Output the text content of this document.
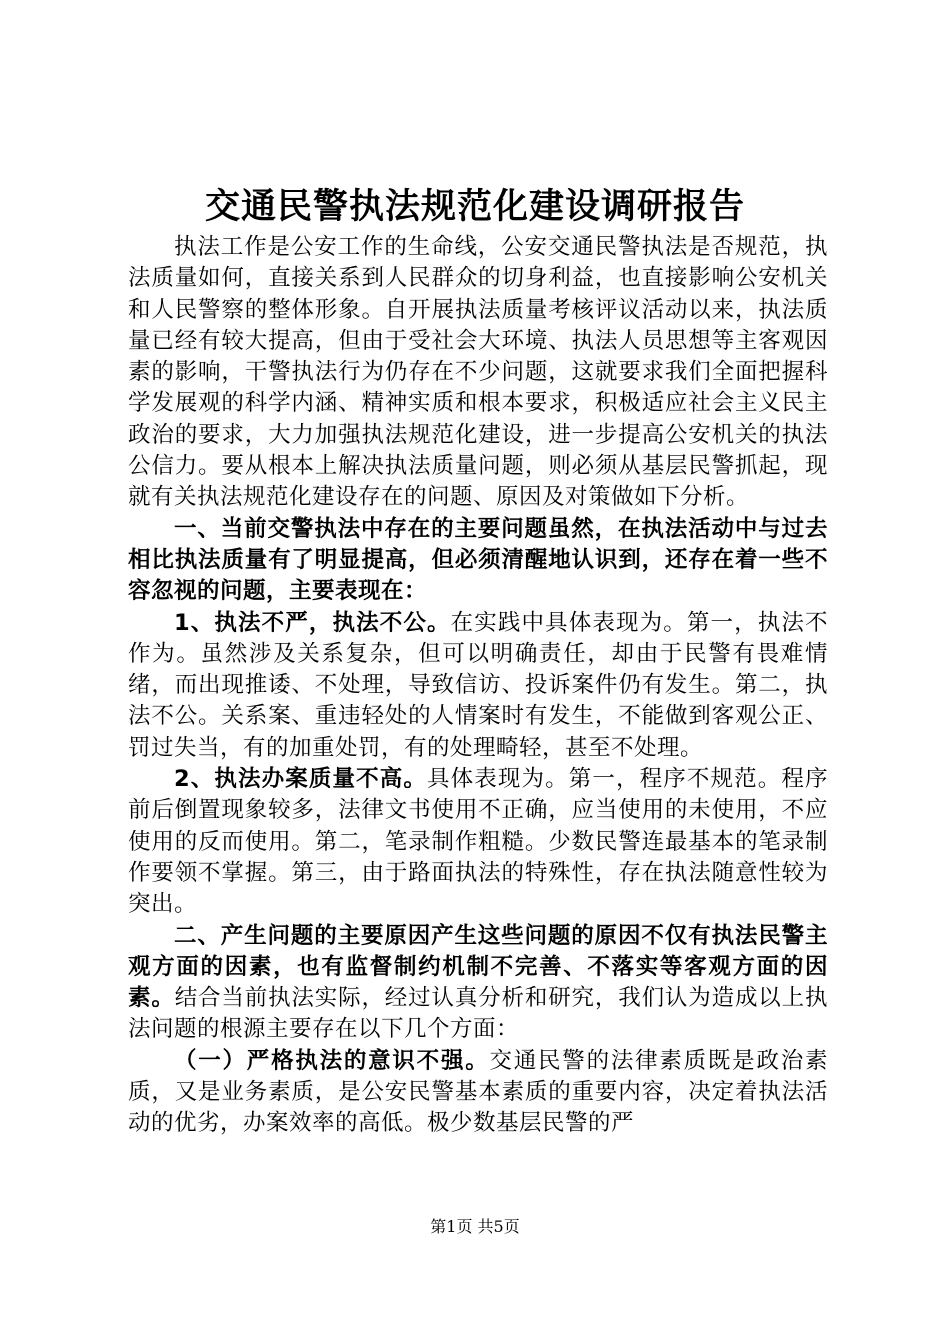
交通民警执法规范化建设调研报告

执法工作是公安工作的生命线，公安交通民警执法是否规范，执法质量如何，直接关系到人民群众的切身利益，也直接影响公安机关和人民警察的整体形象。自开展执法质量考核评议活动以来，执法质量已经有较大提高，但由于受社会大环境、执法人员思想等主客观因素的影响，干警执法行为仍存在不少问题，这就要求我们全面把握科学发展观的科学内涵、精神实质和根本要求，积极适应社会主义民主政治的要求，大力加强执法规范化建设，进一步提高公安机关的执法公信力。要从根本上解决执法质量问题，则必须从基层民警抓起，现就有关执法规范化建设存在的问题、原因及对策做如下分析。

一、当前交警执法中存在的主要问题虽然，在执法活动中与过去相比执法质量有了明显提高，但必须清醒地认识到，还存在着一些不容忽视的问题，主要表现在：

1、执法不严，执法不公。在实践中具体表现为。第一，执法不作为。虽然涉及关系复杂，但可以明确责任，却由于民警有畏难情绪，而出现推诿、不处理，导致信访、投诉案件仍有发生。第二，执法不公。关系案、重违轻处的人情案时有发生，不能做到客观公正、罚过失当，有的加重处罚，有的处理畸轻，甚至不处理。

2、执法办案质量不高。具体表现为。第一，程序不规范。程序前后倒置现象较多，法律文书使用不正确，应当使用的未使用，不应使用的反而使用。第二，笔录制作粗糙。少数民警连最基本的笔录制作要领不掌握。第三，由于路面执法的特殊性，存在执法随意性较为突出。

二、产生问题的主要原因产生这些问题的原因不仅有执法民警主观方面的因素，也有监督制约机制不完善、不落实等客观方面的因素。结合当前执法实际，经过认真分析和研究，我们认为造成以上执法问题的根源主要存在以下几个方面：

（一）严格执法的意识不强。交通民警的法律素质既是政治素质，又是业务素质，是公安民警基本素质的重要内容，决定着执法活动的优劣，办案效率的高低。极少数基层民警的严

第1页 共5页
